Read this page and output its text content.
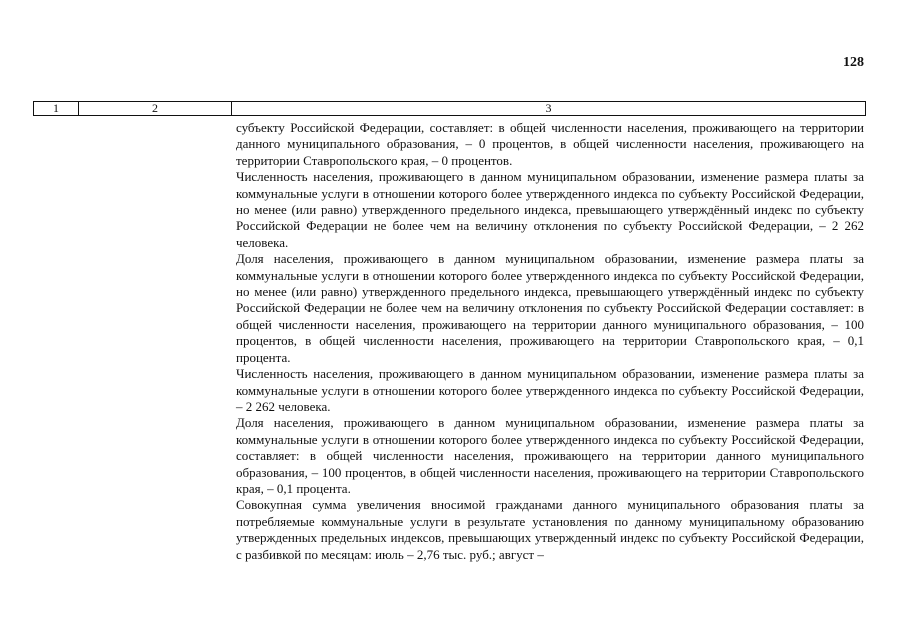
128
1	2	3

субъекту Российской Федерации, составляет: в общей численности населения, проживающего на территории данного муниципального образования, – 0 процентов, в общей численности населения, проживающего на территории Ставропольского края, – 0 процентов.

Численность населения, проживающего в данном муниципальном образовании, изменение размера платы за коммунальные услуги в отношении которого более утвержденного индекса по субъекту Российской Федерации, но менее (или равно) утвержденного предельного индекса, превышающего утверждённый индекс по субъекту Российской Федерации не более чем на величину отклонения по субъекту Российской Федерации, – 2 262 человека.

Доля населения, проживающего в данном муниципальном образовании, изменение размера платы за коммунальные услуги в отношении которого более утвержденного индекса по субъекту Российской Федерации, но менее (или равно) утвержденного предельного индекса, превышающего утверждённый индекс по субъекту Российской Федерации не более чем на величину отклонения по субъекту Российской Федерации составляет: в общей численности населения, проживающего на территории данного муниципального образования, – 100 процентов, в общей численности населения, проживающего на территории Ставропольского края, – 0,1 процента.

Численность населения, проживающего в данном муниципальном образовании, изменение размера платы за коммунальные услуги в отношении которого более утвержденного индекса по субъекту Российской Федерации, – 2 262 человека.

Доля населения, проживающего в данном муниципальном образовании, изменение размера платы за коммунальные услуги в отношении которого более утвержденного индекса по субъекту Российской Федерации, составляет: в общей численности населения, проживающего на территории данного муниципального образования, – 100 процентов, в общей численности населения, проживающего на территории Ставропольского края, – 0,1 процента.

Совокупная сумма увеличения вносимой гражданами данного муниципального образования платы за потребляемые коммунальные услуги в результате установления по данному муниципальному образованию утвержденных предельных индексов, превышающих утвержденный индекс по субъекту Российской Федерации, с разбивкой по месяцам: июль – 2,76 тыс. руб.; август –
